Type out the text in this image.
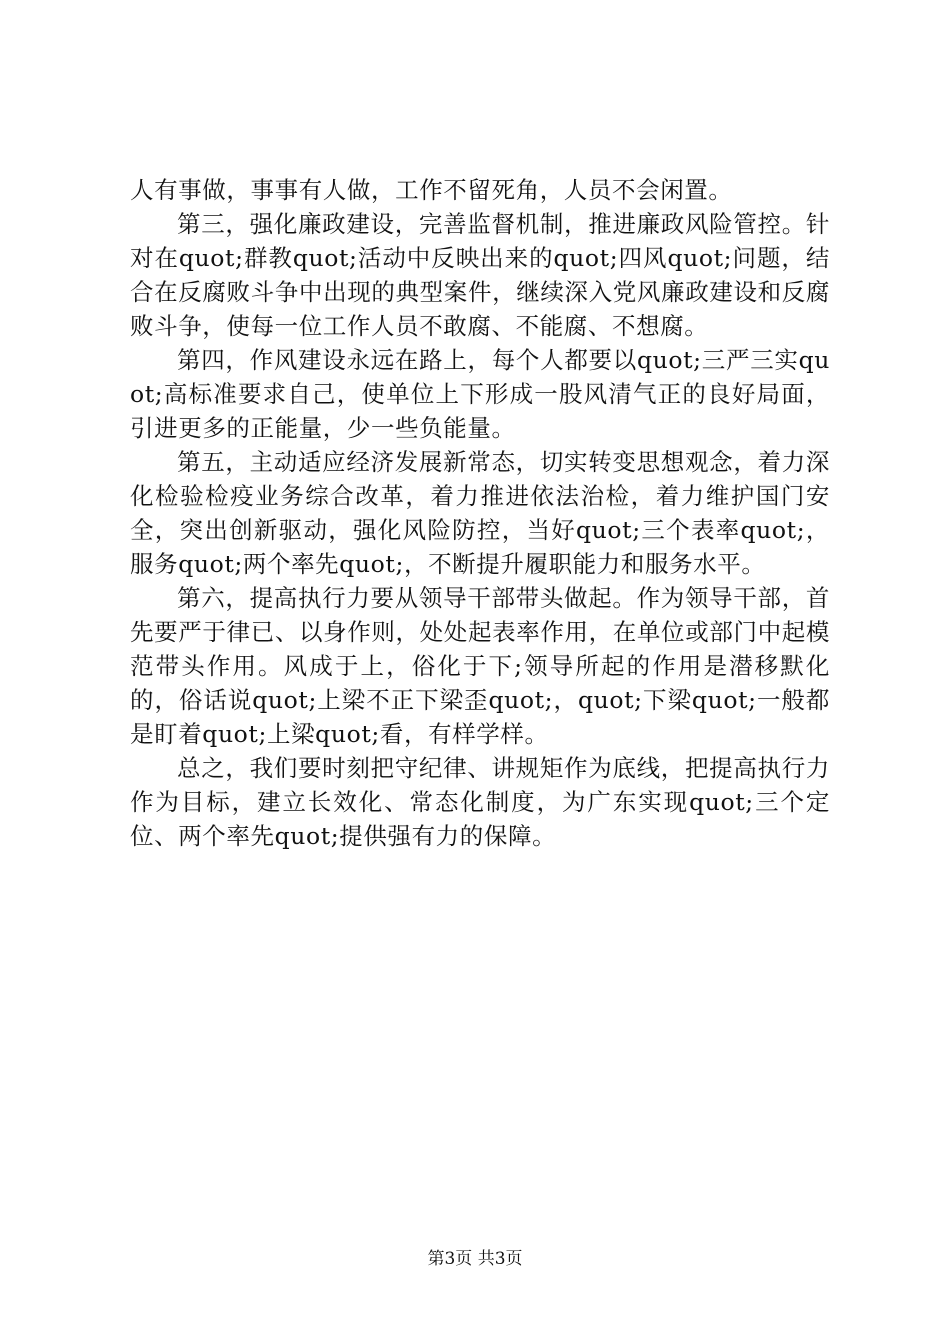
人有事做，事事有人做，工作不留死角，人员不会闲置。

第三，强化廉政建设，完善监督机制，推进廉政风险管控。针对在quot;群教quot;活动中反映出来的quot;四风quot;问题，结合在反腐败斗争中出现的典型案件，继续深入党风廉政建设和反腐败斗争，使每一位工作人员不敢腐、不能腐、不想腐。

第四，作风建设永远在路上，每个人都要以quot;三严三实quot;高标准要求自己，使单位上下形成一股风清气正的良好局面，引进更多的正能量，少一些负能量。

第五，主动适应经济发展新常态，切实转变思想观念，着力深化检验检疫业务综合改革，着力推进依法治检，着力维护国门安全，突出创新驱动，强化风险防控，当好quot;三个表率quot;，服务quot;两个率先quot;，不断提升履职能力和服务水平。

第六，提高执行力要从领导干部带头做起。作为领导干部，首先要严于律已、以身作则，处处起表率作用，在单位或部门中起模范带头作用。风成于上，俗化于下;领导所起的作用是潜移默化的，俗话说quot;上梁不正下梁歪quot;，quot;下梁quot;一般都是盯着quot;上梁quot;看，有样学样。

总之，我们要时刻把守纪律、讲规矩作为底线，把提高执行力作为目标，建立长效化、常态化制度，为广东实现quot;三个定位、两个率先quot;提供强有力的保障。

第3页 共3页
